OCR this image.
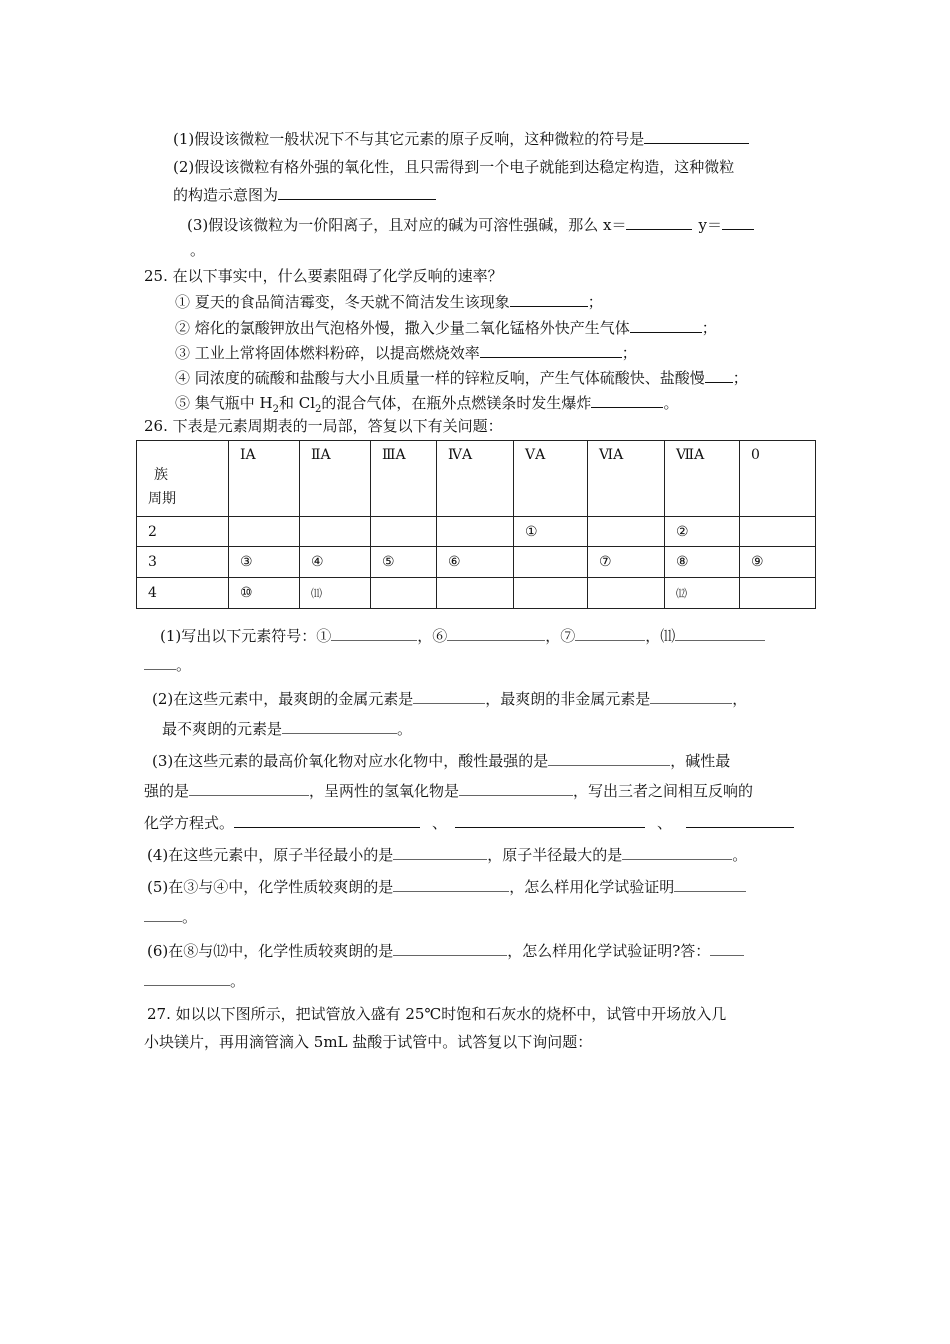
(1)假设该微粒一般状况下不与其它元素的原子反响，这种微粒的符号是
(2)假设该微粒有格外强的氧化性，且只需得到一个电子就能到达稳定构造，这种微粒
的构造示意图为
(3)假设该微粒为一价阳离子，且对应的碱为可溶性强碱，那么 x＝	y＝
。
25. 在以下事实中，什么要素阻碍了化学反响的速率？
① 夏天的食品简洁霉变，冬天就不简洁发生该现象	；
② 熔化的氯酸钾放出气泡格外慢，撒入少量二氧化锰格外快产生气体	；
③ 工业上常将固体燃料粉碎，以提高燃烧效率	；
④ 同浓度的硫酸和盐酸与大小且质量一样的锌粒反响，产生气体硫酸快、盐酸慢 ；
⑤ 集气瓶中 $H_2$和 $Cl_2$的混合气体，在瓶外点燃镁条时发生爆炸	。
26. 下表是元素周期表的一局部，答复以下有关问题：
族
周期	ⅠA	ⅡA	ⅢA	ⅣA	ⅤA	ⅥA	ⅦA	0
2					①		②	
3	③	④	⑤	⑥		⑦	⑧	⑨
4	⑩	⑾					⑿	
(1)写出以下元素符号：①	，⑥	，⑦	，⑾
。
(2)在这些元素中，最爽朗的金属元素是	，最爽朗的非金属元素是	，
最不爽朗的元素是	。
(3)在这些元素的最高价氧化物对应水化物中，酸性最强的是	，碱性最
强的是	，呈两性的氢氧化物是	，写出三者之间相互反响的
化学方程式。	、	、
(4)在这些元素中，原子半径最小的是	，原子半径最大的是	。
(5)在③与④中，化学性质较爽朗的是	，怎么样用化学试验证明
。
(6)在⑧与⑿中，化学性质较爽朗的是	，怎么样用化学试验证明?答：
。
27. 如以以下图所示，把试管放入盛有 25℃时饱和石灰水的烧杯中，试管中开场放入几
小块镁片，再用滴管滴入 5mL 盐酸于试管中。试答复以下询问题：
